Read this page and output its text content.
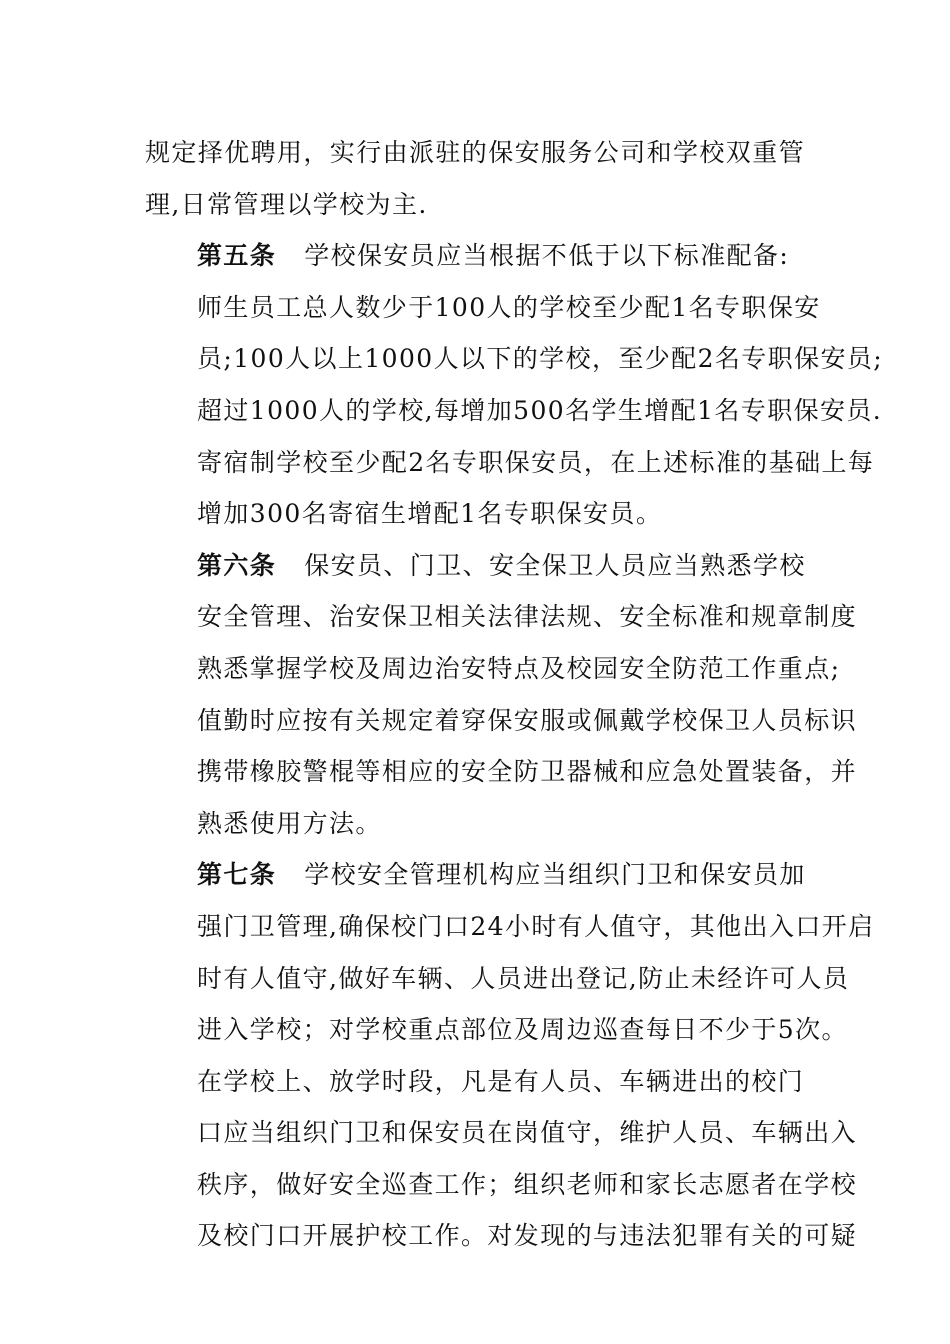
规定择优聘用，实行由派驻的保安服务公司和学校双重管
理,日常管理以学校为主.

第五条 学校保安员应当根据不低于以下标准配备:
师生员工总人数少于100人的学校至少配1名专职保安
员;100人以上1000人以下的学校，至少配2名专职保安员;
超过1000人的学校,每增加500名学生增配1名专职保安员.
寄宿制学校至少配2名专职保安员，在上述标准的基础上每
增加300名寄宿生增配1名专职保安员。

第六条 保安员、门卫、安全保卫人员应当熟悉学校
安全管理、治安保卫相关法律法规、安全标准和规章制度
熟悉掌握学校及周边治安特点及校园安全防范工作重点;
值勤时应按有关规定着穿保安服或佩戴学校保卫人员标识
携带橡胶警棍等相应的安全防卫器械和应急处置装备，并
熟悉使用方法。

第七条 学校安全管理机构应当组织门卫和保安员加
强门卫管理,确保校门口24小时有人值守，其他出入口开启
时有人值守,做好车辆、人员进出登记,防止未经许可人员
进入学校；对学校重点部位及周边巡查每日不少于5次。

在学校上、放学时段，凡是有人员、车辆进出的校门
口应当组织门卫和保安员在岗值守，维护人员、车辆出入
秩序，做好安全巡查工作；组织老师和家长志愿者在学校
及校门口开展护校工作。对发现的与违法犯罪有关的可疑
